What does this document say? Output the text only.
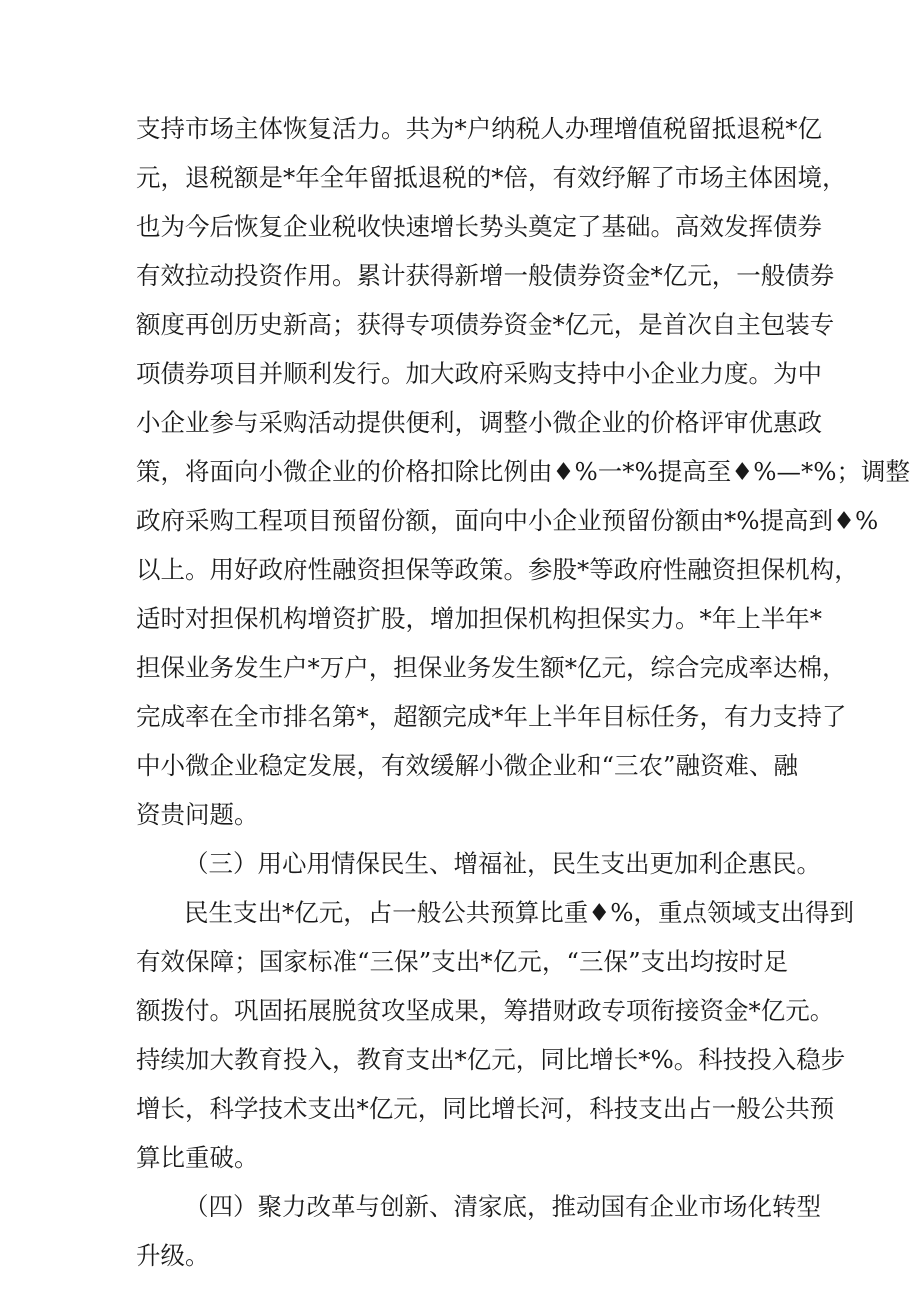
支持市场主体恢复活力。共为*户纳税人办理增值税留抵退税*亿
元，退税额是*年全年留抵退税的*倍，有效纾解了市场主体困境，
也为今后恢复企业税收快速增长势头奠定了基础。高效发挥债券
有效拉动投资作用。累计获得新增一般债券资金*亿元，一般债券
额度再创历史新高；获得专项债券资金*亿元，是首次自主包装专
项债券项目并顺利发行。加大政府采购支持中小企业力度。为中
小企业参与采购活动提供便利，调整小微企业的价格评审优惠政
策，将面向小微企业的价格扣除比例由♦%一*%提高至♦%—*%；调整
政府采购工程项目预留份额，面向中小企业预留份额由*%提高到♦%
以上。用好政府性融资担保等政策。参股*等政府性融资担保机构，
适时对担保机构增资扩股，增加担保机构担保实力。*年上半年*
担保业务发生户*万户，担保业务发生额*亿元，综合完成率达棉，
完成率在全市排名第*，超额完成*年上半年目标任务，有力支持了
中小微企业稳定发展，有效缓解小微企业和“三农”融资难、融
资贵问题。
（三）用心用情保民生、增福祉，民生支出更加利企惠民。
民生支出*亿元，占一般公共预算比重♦%，重点领域支出得到
有效保障；国家标准“三保”支出*亿元，“三保”支出均按时足
额拨付。巩固拓展脱贫攻坚成果，筹措财政专项衔接资金*亿元。
持续加大教育投入，教育支出*亿元，同比增长*%。科技投入稳步
增长，科学技术支出*亿元，同比增长河，科技支出占一般公共预
算比重破。
（四）聚力改革与创新、清家底，推动国有企业市场化转型
升级。
